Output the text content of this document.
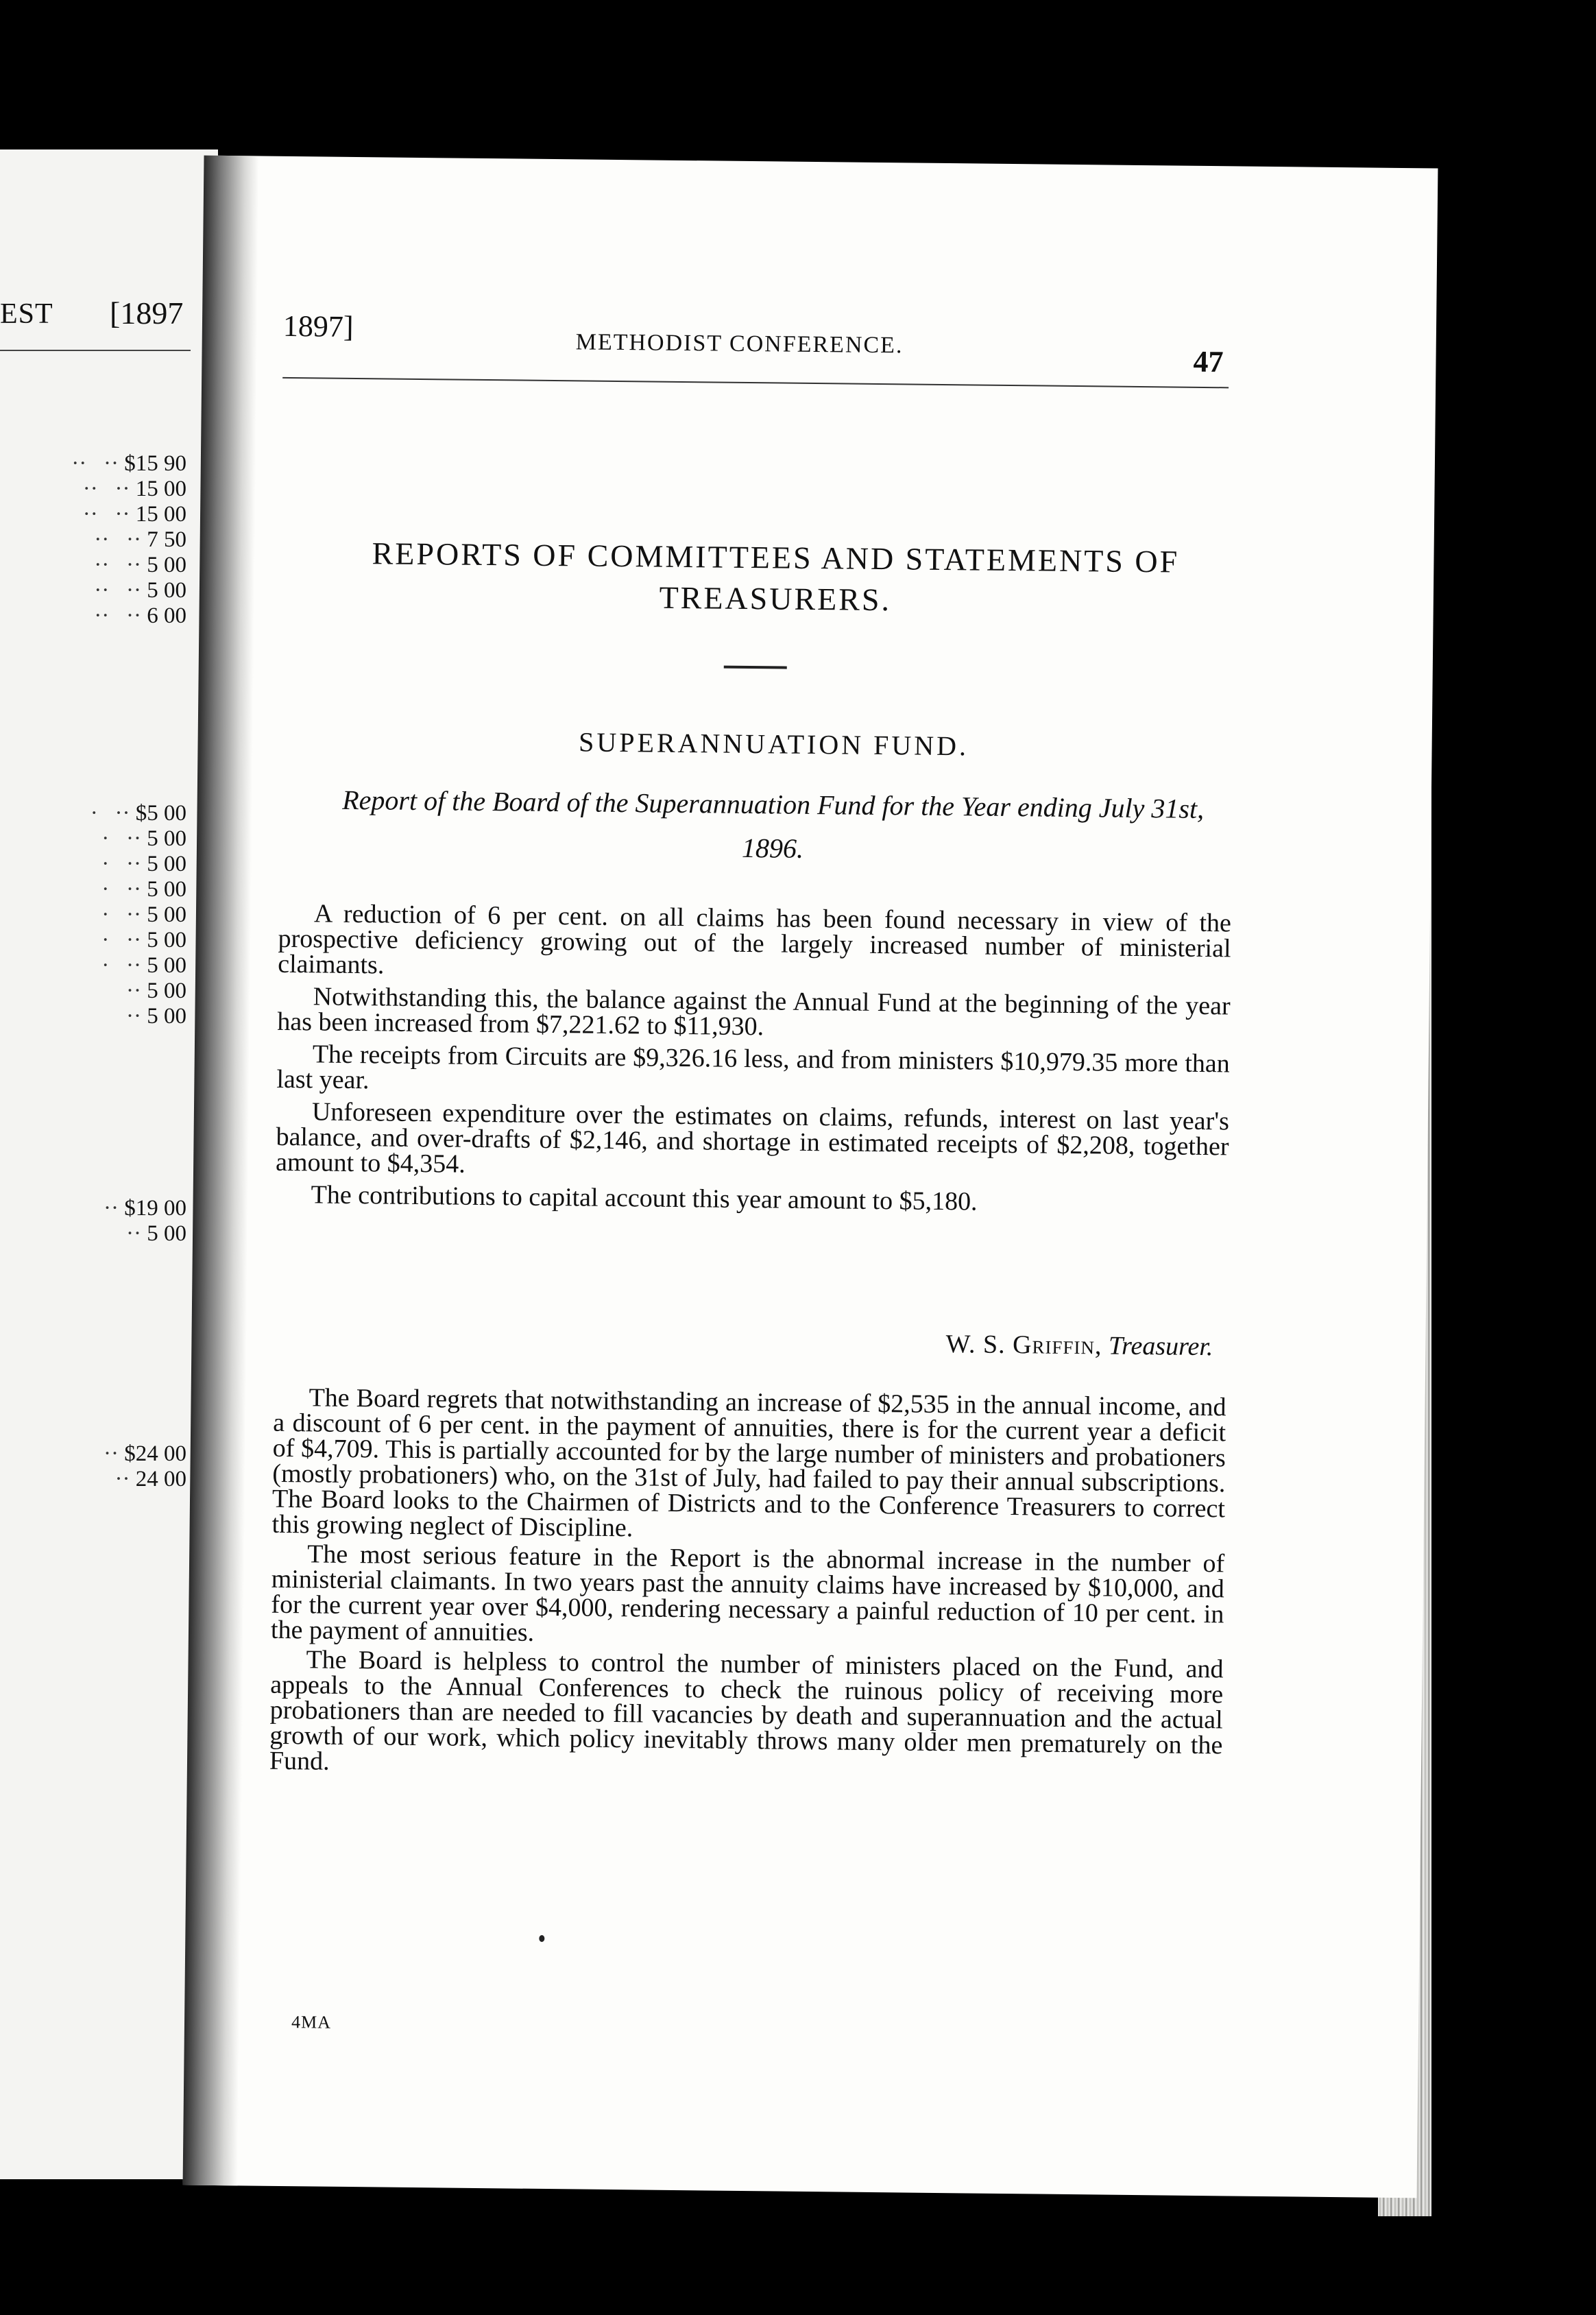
EST [1897
··   ·· $15 90
··   ·· 15 00
··   ·· 15 00
··   ·· 7 50
··   ·· 5 00
··   ·· 5 00
··   ·· 6 00
·   ·· $5 00
·   ·· 5 00
·   ·· 5 00
·   ·· 5 00
·   ·· 5 00
·   ·· 5 00
·   ·· 5 00
·· 5 00
·· 5 00
·· $19 00
·· 5 00
·· $24 00
·· 24 00
1897]
METHODIST CONFERENCE.
47
REPORTS OF COMMITTEES AND STATEMENTS OF TREASURERS.
SUPERANNUATION FUND.
Report of the Board of the Superannuation Fund for the Year ending July 31st, 1896.

A reduction of 6 per cent. on all claims has been found necessary in view of the prospective deficiency growing out of the largely increased number of ministerial claimants.

Notwithstanding this, the balance against the Annual Fund at the beginning of the year has been increased from $7,221.62 to $11,930.

The receipts from Circuits are $9,326.16 less, and from ministers $10,979.35 more than last year.

Unforeseen expenditure over the estimates on claims, refunds, interest on last year's balance, and over-drafts of $2,146, and shortage in estimated receipts of $2,208, together amount to $4,354.

The contributions to capital account this year amount to $5,180.

W. S. Griffin, Treasurer.

The Board regrets that notwithstanding an increase of $2,535 in the annual income, and a discount of 6 per cent. in the payment of annuities, there is for the current year a deficit of $4,709. This is partially accounted for by the large number of ministers and probationers (mostly probationers) who, on the 31st of July, had failed to pay their annual subscriptions. The Board looks to the Chairmen of Districts and to the Conference Treasurers to correct this growing neglect of Discipline.

The most serious feature in the Report is the abnormal increase in the number of ministerial claimants. In two years past the annuity claims have increased by $10,000, and for the current year over $4,000, rendering necessary a painful reduction of 10 per cent. in the payment of annuities.

The Board is helpless to control the number of ministers placed on the Fund, and appeals to the Annual Conferences to check the ruinous policy of receiving more probationers than are needed to fill vacancies by death and superannuation and the actual growth of our work, which policy inevitably throws many older men prematurely on the Fund.

4MA
